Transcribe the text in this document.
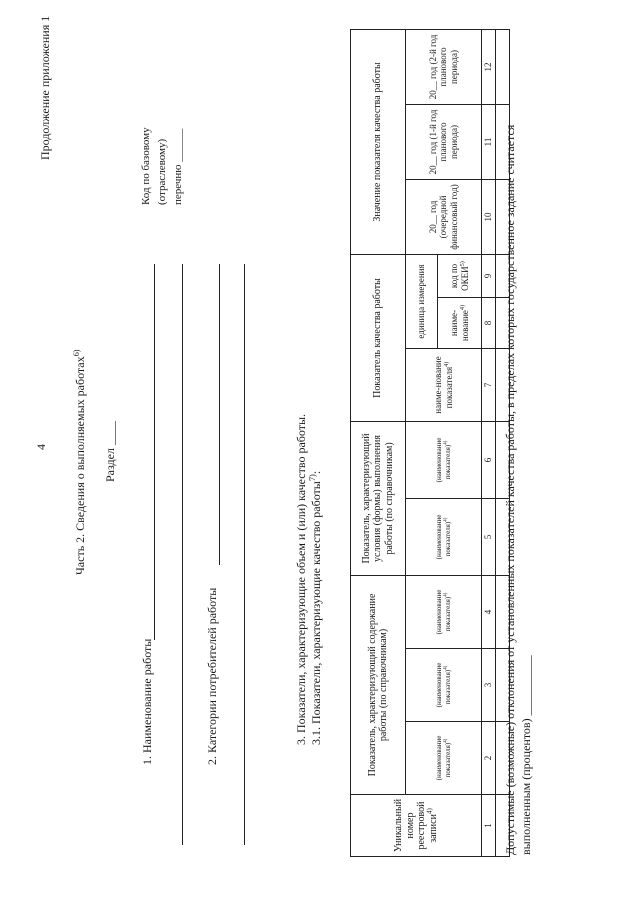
Продолжение приложения 1
4 Часть 2. Сведения о выполняемых работах$^{6)}$
Раздел ____
1. Наименование работы	2. Категории потребителей работы
Код по базовому (отраслевому) перечню ______
3. Показатели, характеризующие объем и (или) качество работы. 3.1. Показатели, характеризующие качество работы$^{7)}$:
Уникальный номер реестровой записи$^{4)}$	Показатель, характеризующий содержание работы (по справочникам)			Показатель, характеризующий условия (формы) выполнения работы (по справочникам)		Показатель качества работы			Значение показателя качества работы		
	(наименование показателя)$^{4)}$	(наименование показателя)$^{4)}$	(наименование показателя)$^{4)}$	(наименование показателя)$^{4)}$	(наименование показателя)$^{4)}$	наиме-нование показателя$^{4)}$	единица измерения		20__ год (очередной финансовый год)	20__ год (1-й год планового периода)	20__ год (2-й год планового периода)
							наиме-нование$^{4)}$	код по ОКЕИ$^{5)}$
1	2	3	4	5	6	7	8	9	10	11	12

Допустимые (возможные) отклонения от установленных показателей качества работы, в пределах которых государственное задание считается выполненным (процентов) __________
